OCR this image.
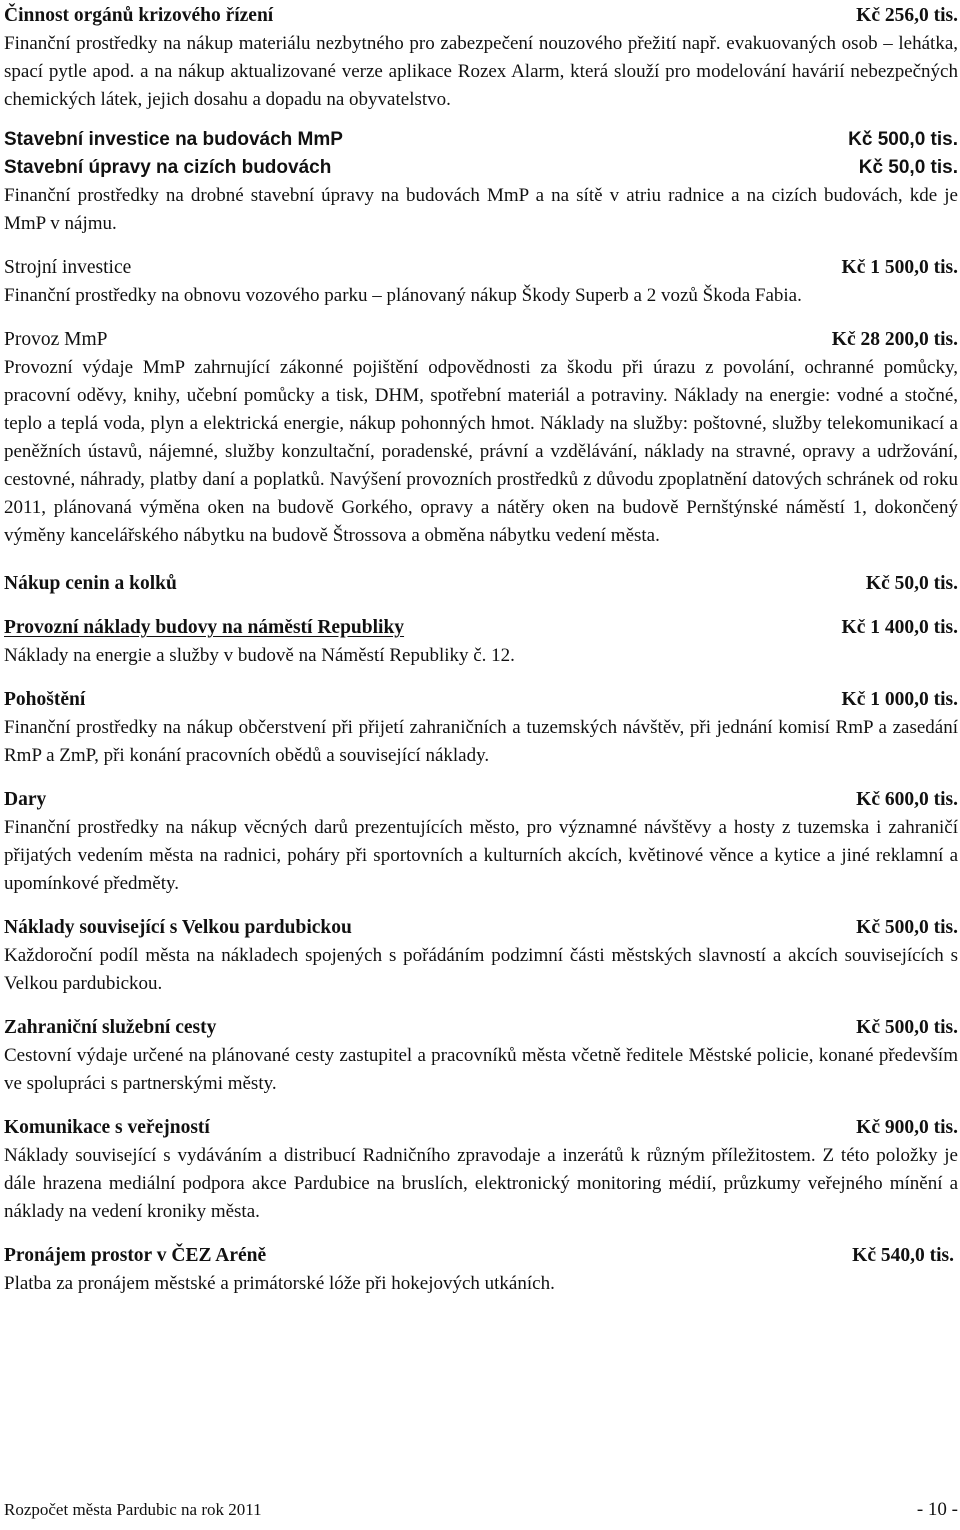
Činnost orgánů krizového řízení	Kč 256,0 tis.

Finanční prostředky na nákup materiálu nezbytného pro zabezpečení nouzového přežití např. evakuovaných osob – lehátka, spací pytle apod. a na nákup aktualizované verze aplikace Rozex Alarm, která slouží pro modelování havárií nebezpečných chemických látek, jejich dosahu a dopadu na obyvatelstvo.

Stavební investice na budovách MmP	Kč 500,0 tis.
Stavební úpravy na cizích budovách	Kč 50,0 tis.

Finanční prostředky na drobné stavební úpravy na budovách MmP a na sítě v atriu radnice a na cizích budovách, kde je MmP v nájmu.

Strojní investice	Kč 1 500,0 tis.

Finanční prostředky na obnovu vozového parku – plánovaný nákup Škody Superb a 2 vozů Škoda Fabia.

Provoz MmP	Kč 28 200,0 tis.

Provozní výdaje MmP zahrnující zákonné pojištění odpovědnosti za škodu při úrazu z povolání, ochranné pomůcky, pracovní oděvy, knihy, učební pomůcky a tisk, DHM, spotřební materiál a potraviny. Náklady na energie: vodné a stočné, teplo a teplá voda, plyn a elektrická energie, nákup pohonných hmot. Náklady na služby: poštovné, služby telekomunikací a peněžních ústavů, nájemné, služby konzultační, poradenské, právní a vzdělávání, náklady na stravné, opravy a udržování, cestovné, náhrady, platby daní a poplatků. Navýšení provozních prostředků z důvodu zpoplatnění datových schránek od roku 2011, plánovaná výměna oken na budově Gorkého, opravy a nátěry oken na budově Pernštýnské náměstí 1, dokončený výměny kancelářského nábytku na budově Štrossova a obměna nábytku vedení města.

Nákup cenin a kolků	Kč 50,0 tis.
Provozní náklady budovy na náměstí Republiky	Kč 1 400,0 tis.

Náklady na energie a služby v budově na Náměstí Republiky č. 12.

Pohoštění	Kč 1 000,0 tis.

Finanční prostředky na nákup občerstvení při přijetí zahraničních a tuzemských návštěv, při jednání komisí RmP a zasedání RmP a ZmP, při konání pracovních obědů a související náklady.

Dary	Kč 600,0 tis.

Finanční prostředky na nákup věcných darů prezentujících město, pro významné návštěvy a hosty z tuzemska i zahraničí přijatých vedením města na radnici, poháry při sportovních a kulturních akcích, květinové věnce a kytice a jiné reklamní a upomínkové předměty.

Náklady související s Velkou pardubickou	Kč 500,0 tis.

Každoroční podíl města na nákladech spojených s pořádáním podzimní části městských slavností a akcích souvisejících s Velkou pardubickou.

Zahraniční služební cesty	Kč 500,0 tis.

Cestovní výdaje určené na plánované cesty zastupitel a pracovníků města včetně ředitele Městské policie, konané především ve spolupráci s partnerskými městy.

Komunikace s veřejností	Kč 900,0 tis.

Náklady související s vydáváním a distribucí Radničního zpravodaje a inzerátů k různým příležitostem. Z této položky je dále hrazena mediální podpora akce Pardubice na bruslích, elektronický monitoring médií, průzkumy veřejného mínění a náklady na vedení kroniky města.

Pronájem prostor v ČEZ Aréně	Kč 540,0 tis.

Platba za pronájem městské a primátorské lóže při hokejových utkáních.

Rozpočet města Pardubic na rok 2011	- 10 -
